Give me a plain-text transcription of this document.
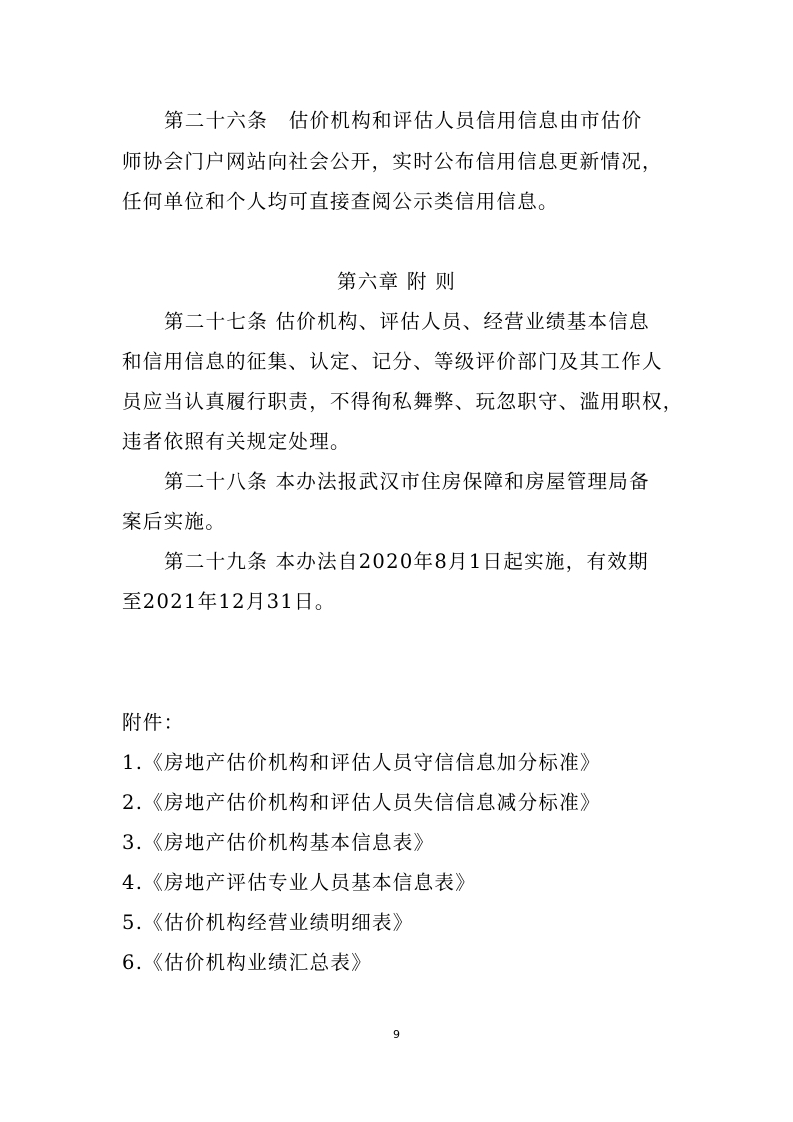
第二十六条　估价机构和评估人员信用信息由市估价
师协会门户网站向社会公开，实时公布信用信息更新情况，
任何单位和个人均可直接查阅公示类信用信息。
第六章 附 则
第二十七条 估价机构、评估人员、经营业绩基本信息
和信用信息的征集、认定、记分、等级评价部门及其工作人
员应当认真履行职责，不得徇私舞弊、玩忽职守、滥用职权，
违者依照有关规定处理。
第二十八条 本办法报武汉市住房保障和房屋管理局备
案后实施。
第二十九条 本办法自2020年8月1日起实施，有效期
至2021年12月31日。
附件：
1.《房地产估价机构和评估人员守信信息加分标准》
2.《房地产估价机构和评估人员失信信息减分标准》
3.《房地产估价机构基本信息表》
4.《房地产评估专业人员基本信息表》
5.《估价机构经营业绩明细表》
6.《估价机构业绩汇总表》
9
